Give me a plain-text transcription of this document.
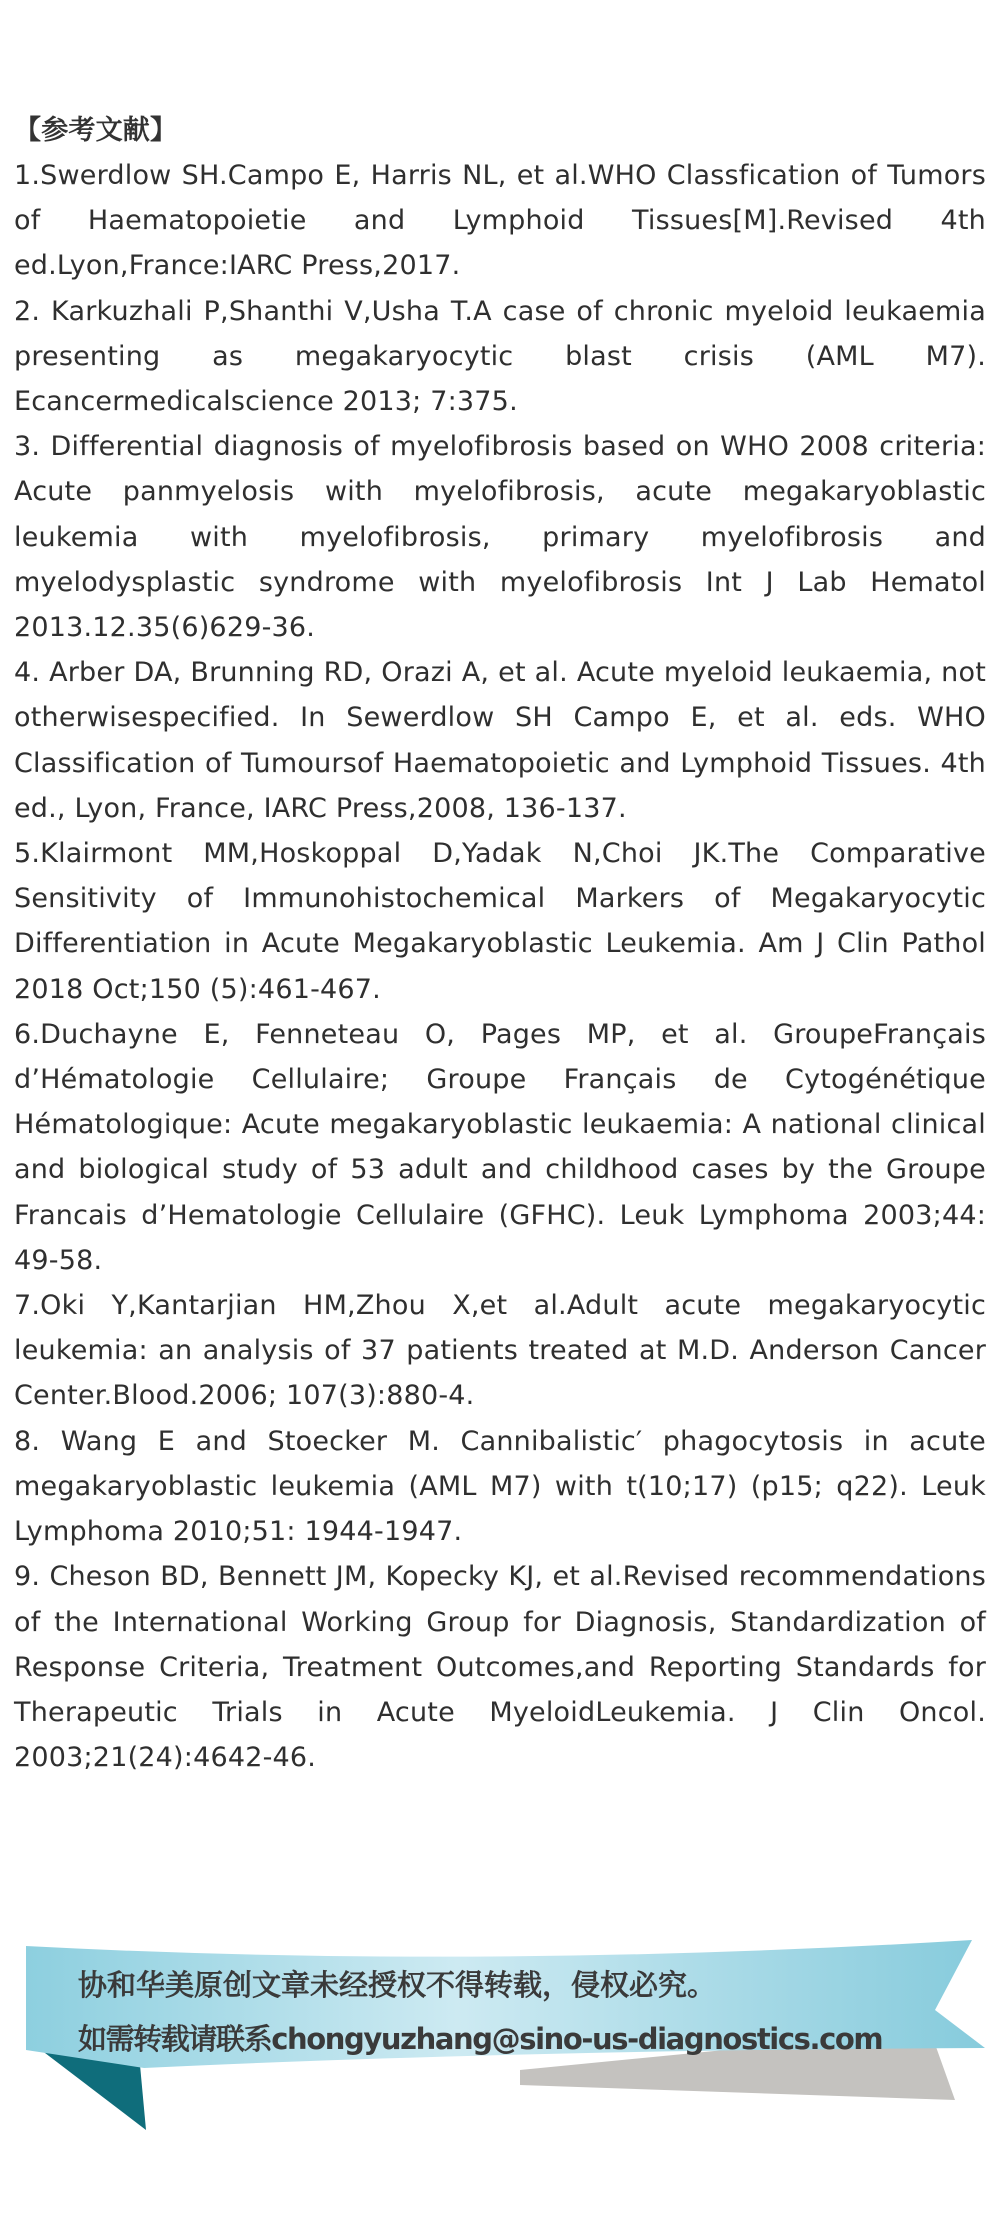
【参考文献】

1.Swerdlow SH.Campo E, Harris NL, et al.WHO Classfication of Tumors of Haematopoietie and Lymphoid Tissues[M].Revised 4th ed.Lyon,France:IARC Press,2017.

2. Karkuzhali P,Shanthi V,Usha T.A case of chronic myeloid leukaemia presenting as megakaryocytic blast crisis (AML M7). Ecancermedicalscience 2013; 7:375.

3. Differential diagnosis of myelofibrosis based on WHO 2008 criteria: Acute panmyelosis with myelofibrosis, acute megakaryoblastic leukemia with myelofibrosis, primary myelofibrosis and myelodysplastic syndrome with myelofibrosis Int J Lab Hematol 2013.12.35(6)629-36.

4. Arber DA, Brunning RD, Orazi A, et al. Acute myeloid leukaemia, not otherwisespecified. In Sewerdlow SH Campo E, et al. eds. WHO Classification of Tumoursof Haematopoietic and Lymphoid Tissues. 4th ed., Lyon, France, IARC Press,2008, 136-137.

5.Klairmont MM,Hoskoppal D,Yadak N,Choi JK.The Comparative Sensitivity of Immunohistochemical Markers of Megakaryocytic Differentiation in Acute Megakaryoblastic Leukemia. Am J Clin Pathol 2018 Oct;150 (5):461-467.

6.Duchayne E, Fenneteau O, Pages MP, et al. GroupeFrançais d’Hématologie Cellulaire; Groupe Français de Cytogénétique Hématologique: Acute megakaryoblastic leukaemia: A national clinical and biological study of 53 adult and childhood cases by the Groupe Francais d’Hematologie Cellulaire (GFHC). Leuk Lymphoma 2003;44: 49-58.

7.Oki Y,Kantarjian HM,Zhou X,et al.Adult acute megakaryocytic leukemia: an analysis of 37 patients treated at M.D. Anderson Cancer Center.Blood.2006; 107(3):880-4.

8. Wang E and Stoecker M. Cannibalistic′ phagocytosis in acute megakaryoblastic leukemia (AML M7) with t(10;17) (p15; q22). Leuk Lymphoma 2010;51: 1944-1947.

9. Cheson BD, Bennett JM, Kopecky KJ, et al.Revised recommendations of the International Working Group for Diagnosis, Standardization of Response Criteria, Treatment Outcomes,and Reporting Standards for Therapeutic Trials in Acute MyeloidLeukemia. J Clin Oncol. 2003;21(24):4642-46.

协和华美原创文章未经授权不得转载，侵权必究。
如需转载请联系chongyuzhang@sino-us-diagnostics.com
